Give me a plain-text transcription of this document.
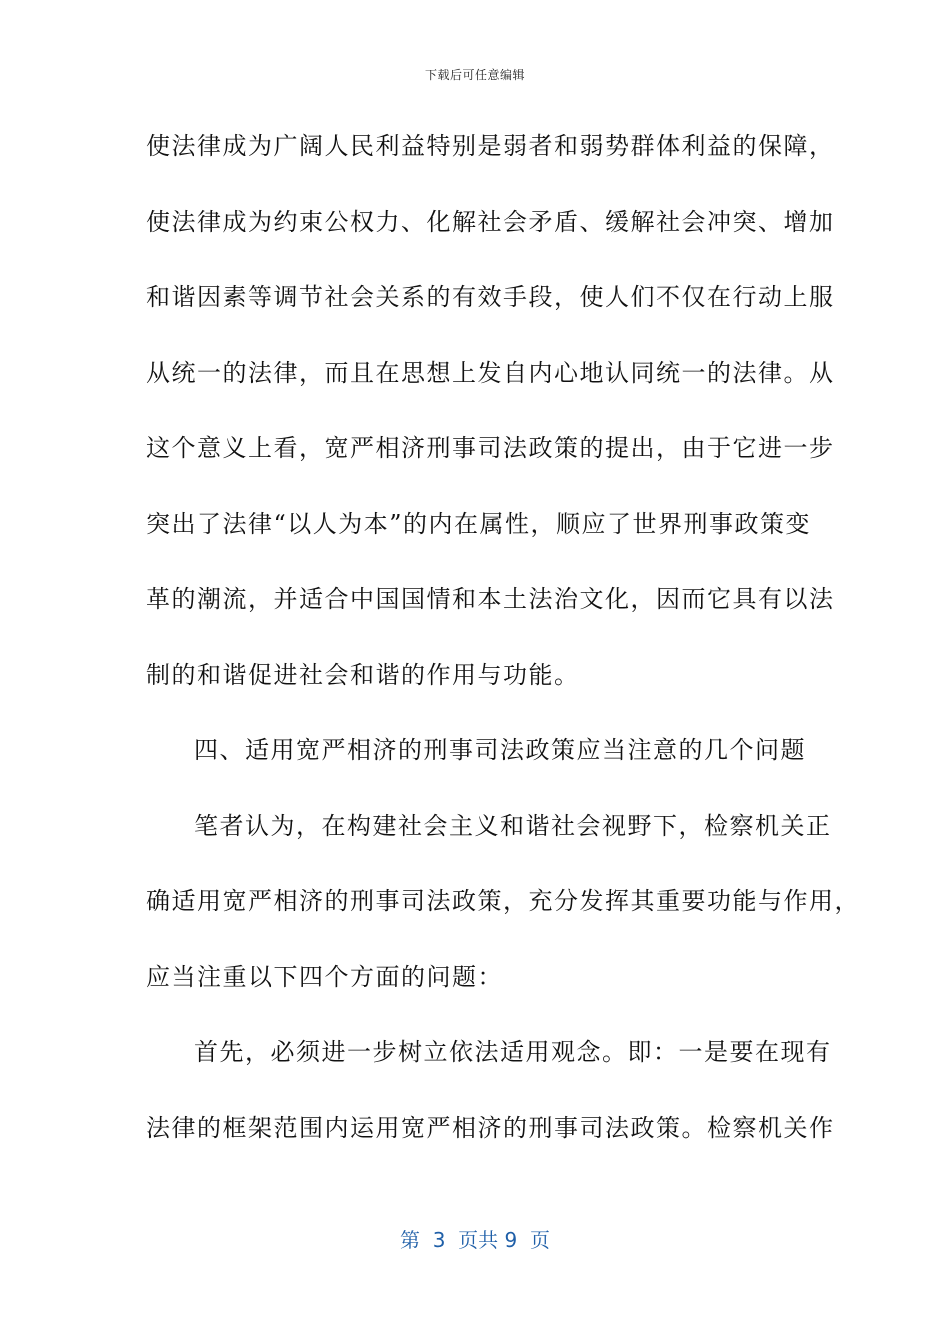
下载后可任意编辑
使法律成为广阔人民利益特别是弱者和弱势群体利益的保障，
使法律成为约束公权力、化解社会矛盾、缓解社会冲突、增加
和谐因素等调节社会关系的有效手段，使人们不仅在行动上服
从统一的法律，而且在思想上发自内心地认同统一的法律。从
这个意义上看，宽严相济刑事司法政策的提出，由于它进一步
突出了法律“以人为本”的内在属性，顺应了世界刑事政策变
革的潮流，并适合中国国情和本土法治文化，因而它具有以法
制的和谐促进社会和谐的作用与功能。
四、适用宽严相济的刑事司法政策应当注意的几个问题
笔者认为，在构建社会主义和谐社会视野下，检察机关正
确适用宽严相济的刑事司法政策，充分发挥其重要功能与作用，
应当注重以下四个方面的问题：
首先，必须进一步树立依法适用观念。即：一是要在现有
法律的框架范围内运用宽严相济的刑事司法政策。检察机关作
第  3  页共 9  页
